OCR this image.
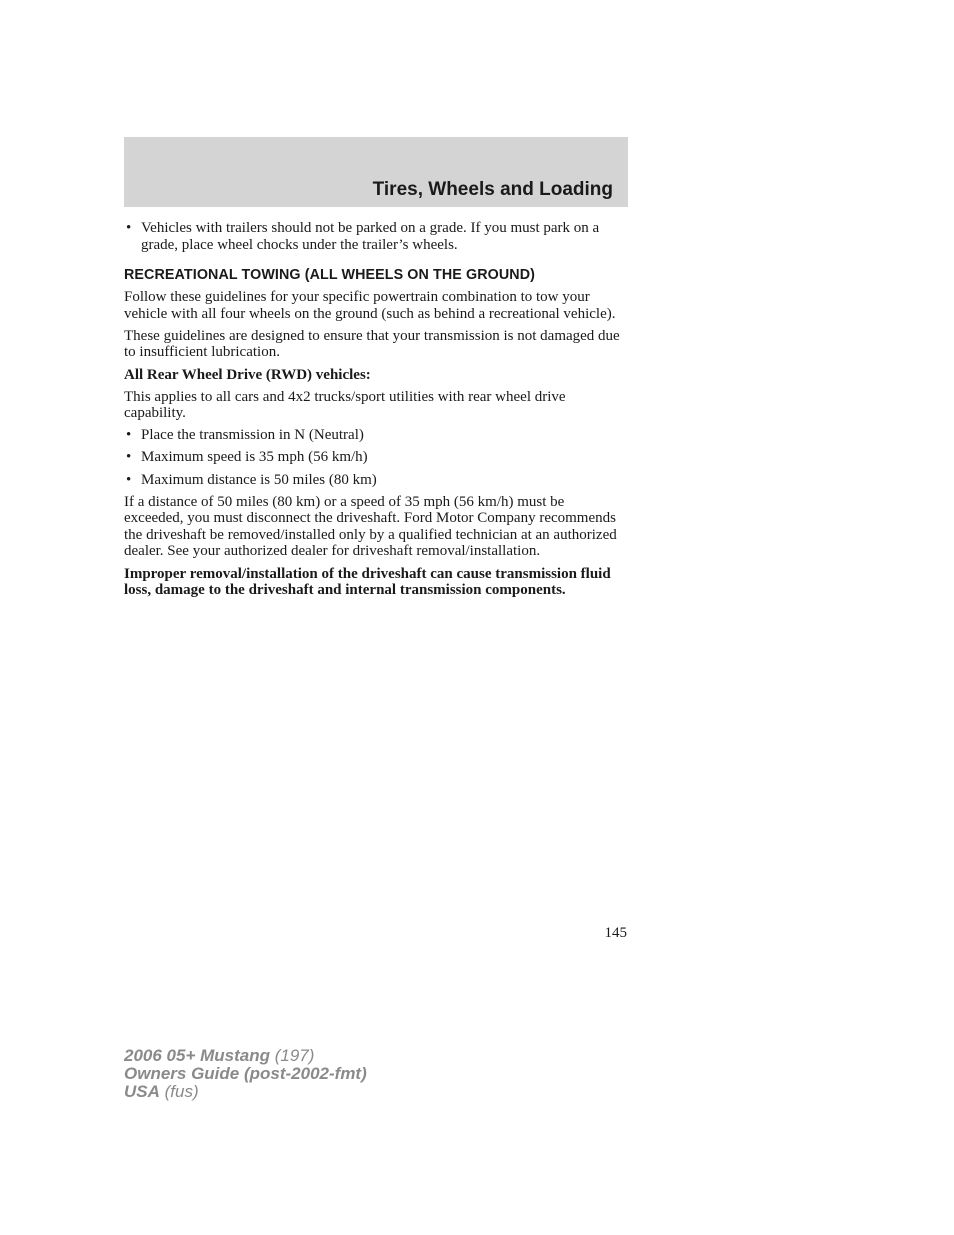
Tires, Wheels and Loading
• Vehicles with trailers should not be parked on a grade. If you must park on a grade, place wheel chocks under the trailer’s wheels.

RECREATIONAL TOWING (ALL WHEELS ON THE GROUND)

Follow these guidelines for your specific powertrain combination to tow your vehicle with all four wheels on the ground (such as behind a recreational vehicle).

These guidelines are designed to ensure that your transmission is not damaged due to insufficient lubrication.

All Rear Wheel Drive (RWD) vehicles:

This applies to all cars and 4x2 trucks/sport utilities with rear wheel drive capability.

• Place the transmission in N (Neutral)
• Maximum speed is 35 mph (56 km/h)
• Maximum distance is 50 miles (80 km)

If a distance of 50 miles (80 km) or a speed of 35 mph (56 km/h) must be exceeded, you must disconnect the driveshaft. Ford Motor Company recommends the driveshaft be removed/installed only by a qualified technician at an authorized dealer. See your authorized dealer for driveshaft removal/installation.

Improper removal/installation of the driveshaft can cause transmission fluid loss, damage to the driveshaft and internal transmission components.

145
2006 05+ Mustang (197)
Owners Guide (post-2002-fmt)
USA (fus)
